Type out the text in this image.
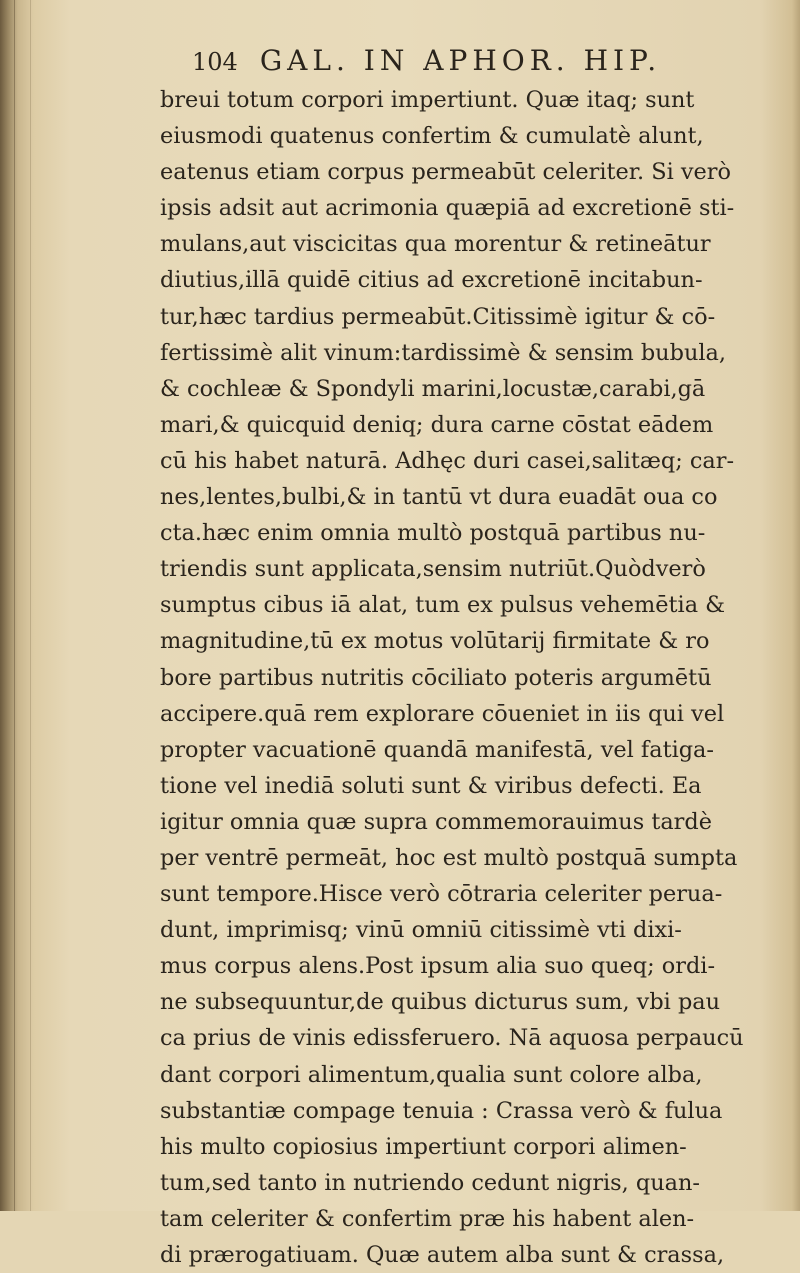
104 GAL. IN APHOR. HIP.
breui totum corpori impertiunt. Quæ itaq; sunt
eiusmodi quatenus confertim & cumulatè alunt,
eatenus etiam corpus permeabūt celeriter. Si verò
ipsis adsit aut acrimonia quæpiā ad excretionē sti-
mulans,aut viscicitas qua morentur & retineātur
diutius,illā quidē citius ad excretionē incitabun-
tur,hæc tardius permeabūt.Citissimè igitur & cō-
fertissimè alit vinum:tardissimè & sensim bubula,
& cochleæ & Spondyli marini,locustæ,carabi,gā
mari,& quicquid deniq; dura carne cōstat eādem
cū his habet naturā. Adhęc duri casei,salitæq; car-
nes,lentes,bulbi,& in tantū vt dura euadāt oua co
cta.hæc enim omnia multò postquā partibus nu-
triendis sunt applicata,sensim nutriūt.Quòdverò
sumptus cibus iā alat, tum ex pulsus vehemētia &
magnitudine,tū ex motus volūtarij firmitate & ro
bore partibus nutritis cōciliato poteris argumētū
accipere.quā rem explorare cōueniet in iis qui vel
propter vacuationē quandā manifestā, vel fatiga-
tione vel inediā soluti sunt & viribus defecti. Ea
igitur omnia quæ supra commemorauimus tardè
per ventrē permeāt, hoc est multò postquā sumpta
sunt tempore.Hisce verò cōtraria celeriter perua-
dunt, imprimisq; vinū omniū citissimè vti dixi-
mus corpus alens.Post ipsum alia suo queq; ordi-
ne subsequuntur,de quibus dicturus sum, vbi pau
ca prius de vinis edissferuero. Nā aquosa perpaucū
dant corpori alimentum,qualia sunt colore alba,
substantiæ compage tenuia : Crassa verò & fulua
his multo copiosius impertiunt corpori alimen-
tum,sed tanto in nutriendo cedunt nigris, quan-
tam celeriter & confertim præ his habent alen-
di prærogatiuam. Quæ autem alba sunt & crassa,
